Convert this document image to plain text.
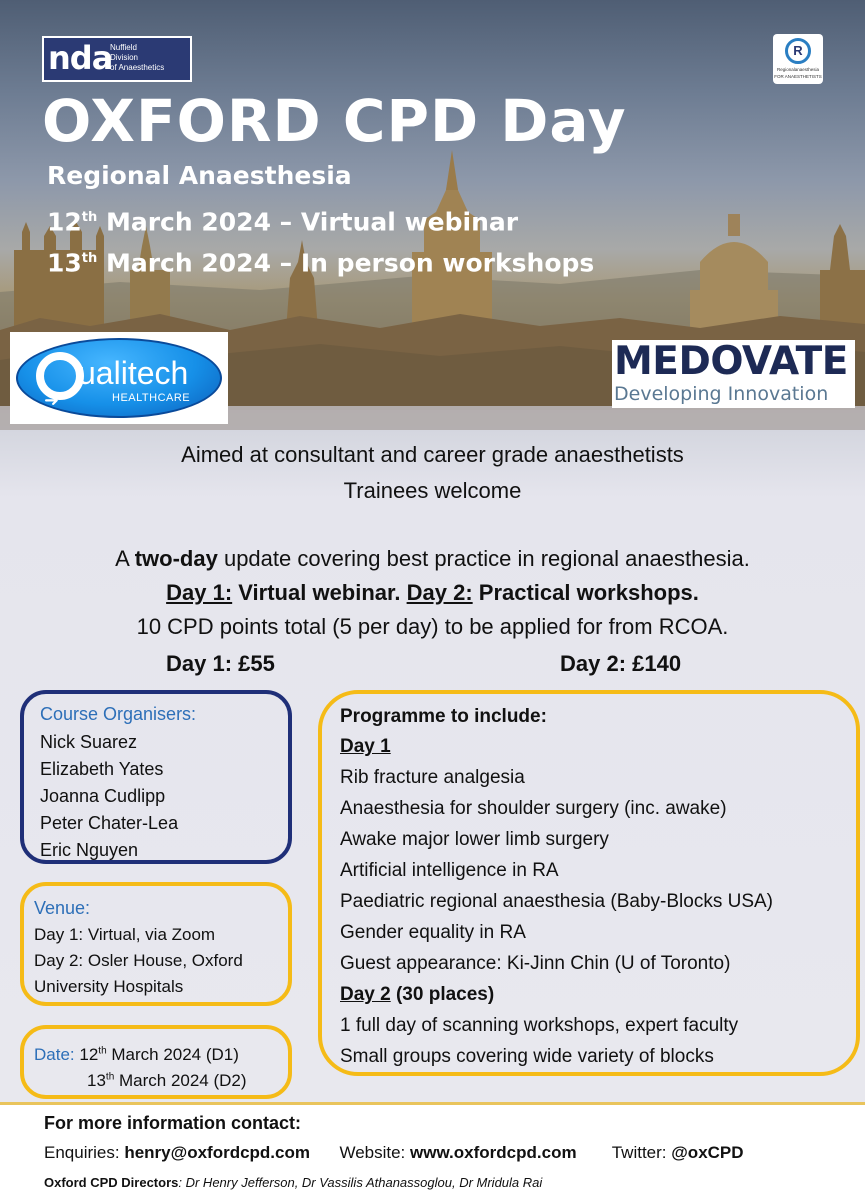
nda
Nuffield
Division
of Anaesthetics
R
Regionalanaesthesia
FOR ANAESTHETISTS
OXFORD CPD Day
Regional Anaesthesia
12th March 2024 – Virtual webinar
13th March 2024 – In person workshops
➜
ualitech
HEALTHCARE
MEDOVATE
Developing Innovation
Aimed at consultant and career grade anaesthetists
Trainees welcome
A two-day update covering best practice in regional anaesthesia.
Day 1: Virtual webinar. Day 2: Practical workshops.
10 CPD points total (5 per day) to be applied for from RCOA.
Day 1: £55	Day 2: £140
Course Organisers:
Nick Suarez
Elizabeth Yates
Joanna Cudlipp
Peter Chater-Lea
Eric Nguyen
Venue:
Day 1: Virtual, via Zoom
Day 2: Osler House, Oxford
University Hospitals
Date: 12th March 2024 (D1)
13th March 2024 (D2)
Programme to include:
Day 1
Rib fracture analgesia
Anaesthesia for shoulder surgery (inc. awake)
Awake major lower limb surgery
Artificial intelligence in RA
Paediatric regional anaesthesia (Baby-Blocks USA)
Gender equality in RA
Guest appearance: Ki-Jinn Chin (U of Toronto)
Day 2 (30 places)
1 full day of scanning workshops, expert faculty
Small groups covering wide variety of blocks
For more information contact:
Enquiries: henry@oxfordcpd.com Website: www.oxfordcpd.com Twitter: @oxCPD
Oxford CPD Directors: Dr Henry Jefferson, Dr Vassilis Athanassoglou, Dr Mridula Rai
